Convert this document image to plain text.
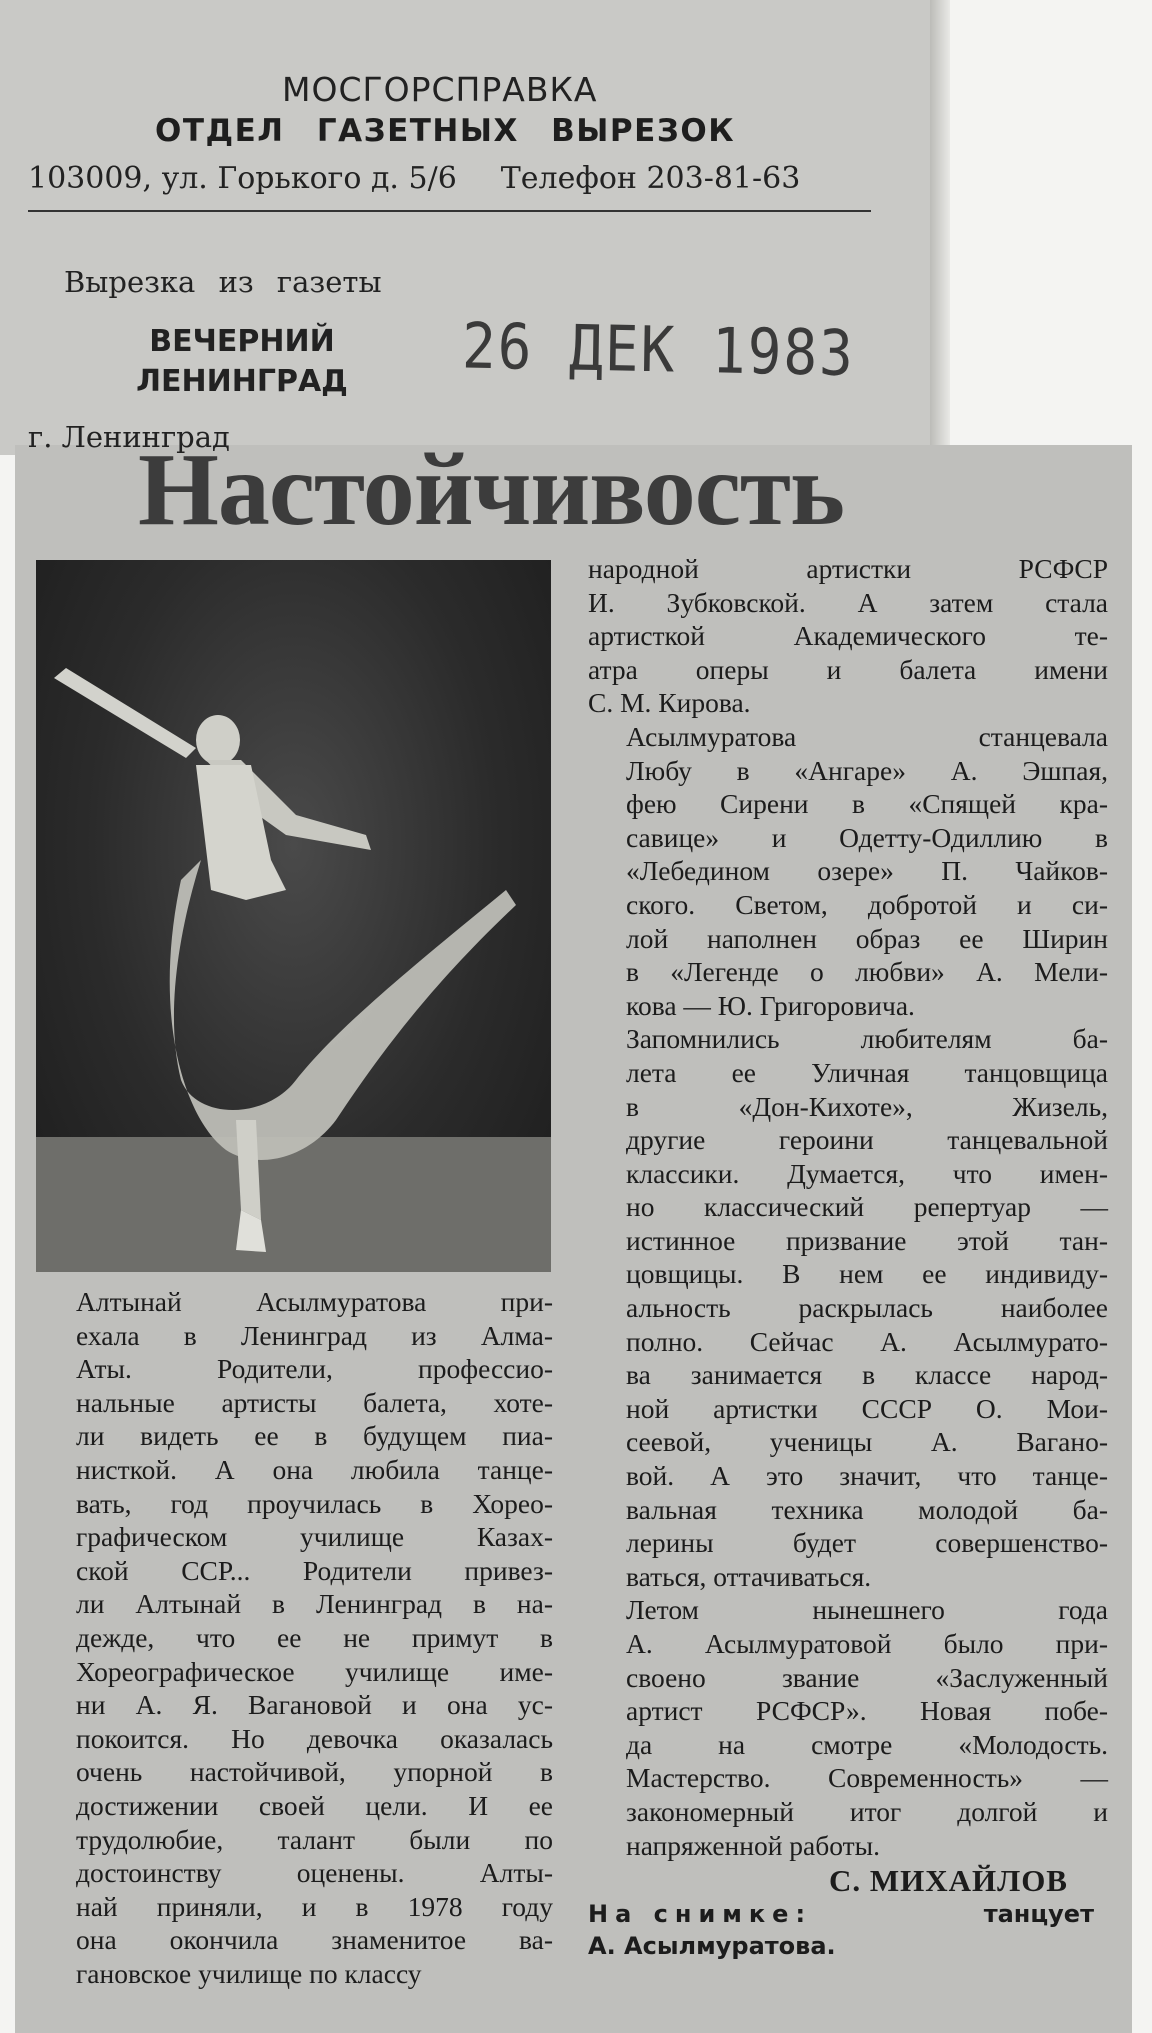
МОСГОРСПРАВКА
ОТДЕЛ ГАЗЕТНЫХ ВЫРЕЗОК
103009, ул. Горького д. 5/6 Телефон 203-81-63
Вырезка из газеты
ВЕЧЕРНИЙ
ЛЕНИНГРАД	26 ДЕК 1983
г. Ленинград
Настойчивость

Алтынай Асылмуратова при-
ехала в Ленинград из Алма-
Аты. Родители, профессио-
нальные артисты балета, хоте-
ли видеть ее в будущем пиа-
нисткой. А она любила танце-
вать, год проучилась в Хорео-
графическом училище Казах-
ской ССР... Родители привез-
ли Алтынай в Ленинград в на-
дежде, что ее не примут в
Хореографическое училище име-
ни А. Я. Вагановой и она ус-
покоится. Но девочка оказалась
очень настойчивой, упорной в
достижении своей цели. И ее
трудолюбие, талант были по
достоинству оценены. Алты-
най приняли, и в 1978 году
она окончила знаменитое ва-
гановское училище по классу

народной артистки РСФСР
И. Зубковской. А затем стала
артисткой Академического те-
атра оперы и балета имени
С. М. Кирова.

Асылмуратова станцевала
Любу в «Ангаре» А. Эшпая,
фею Сирени в «Спящей кра-
савице» и Одетту-Одиллию в
«Лебедином озере» П. Чайков-
ского. Светом, добротой и си-
лой наполнен образ ее Ширин
в «Легенде о любви» А. Мели-
кова — Ю. Григоровича.

Запомнились любителям ба-
лета ее Уличная танцовщица
в «Дон-Кихоте», Жизель,
другие героини танцевальной
классики. Думается, что имен-
но классический репертуар —
истинное призвание этой тан-
цовщицы. В нем ее индивиду-
альность раскрылась наиболее
полно. Сейчас А. Асылмурато-
ва занимается в классе народ-
ной артистки СССР О. Мои-
сеевой, ученицы А. Вагано-
вой. А это значит, что танце-
вальная техника молодой ба-
лерины будет совершенство-
ваться, оттачиваться.

Летом нынешнего года
А. Асылмуратовой было при-
своено звание «Заслуженный
артист РСФСР». Новая побе-
да на смотре «Молодость.
Мастерство. Современность» —
закономерный итог долгой и
напряженной работы.

С. МИХАЙЛОВ

На снимке:	танцует

А. Асылмуратова.
